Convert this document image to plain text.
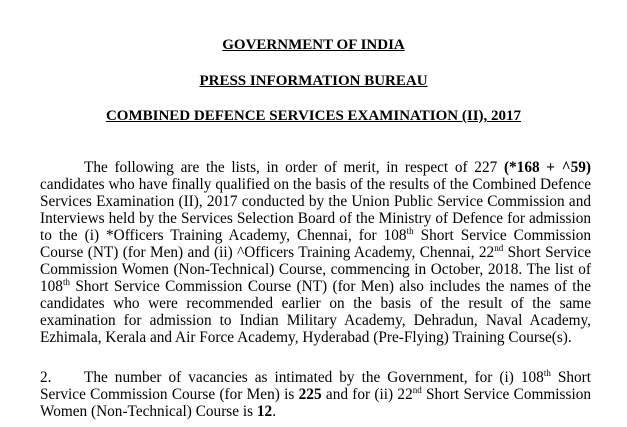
GOVERNMENT OF INDIA
PRESS INFORMATION BUREAU
COMBINED DEFENCE SERVICES EXAMINATION (II), 2017
The following are the lists, in order of merit, in respect of 227 (*168 + ^59)
candidates who have finally qualified on the basis of the results of the Combined Defence
Services Examination (II), 2017 conducted by the Union Public Service Commission and
Interviews held by the Services Selection Board of the Ministry of Defence for admission
to the (i) *Officers Training Academy, Chennai, for 108th Short Service Commission
Course (NT) (for Men) and (ii) ^Officers Training Academy, Chennai, 22nd Short Service
Commission Women (Non-Technical) Course, commencing in October, 2018. The list of
108th Short Service Commission Course (NT) (for Men) also includes the names of the
candidates who were recommended earlier on the basis of the result of the same
examination for admission to Indian Military Academy, Dehradun, Naval Academy,
Ezhimala, Kerala and Air Force Academy, Hyderabad (Pre-Flying) Training Course(s).
2.	The number of vacancies as intimated by the Government, for (i) 108th Short
Service Commission Course (for Men) is 225 and for (ii) 22nd Short Service Commission
Women (Non-Technical) Course is 12.
